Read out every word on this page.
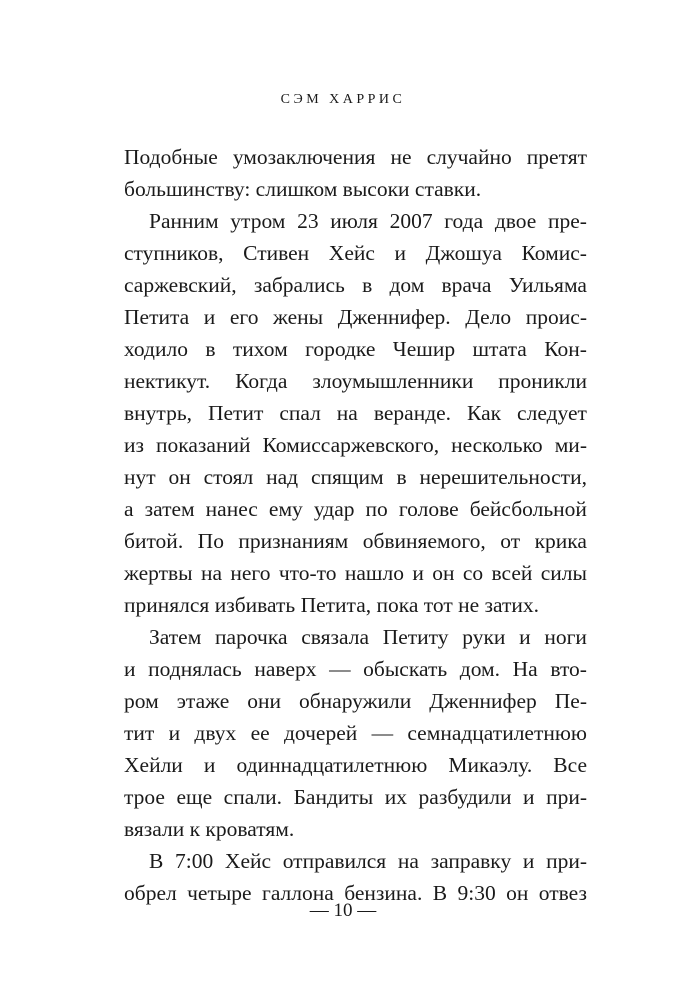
СЭМ ХАРРИС
Подобные умозаключения не случайно претят
большинству: слишком высоки ставки.
Ранним утром 23 июля 2007 года двое пре-
ступников, Стивен Хейс и Джошуа Комис-
саржевский, забрались в дом врача Уильяма
Петита и его жены Дженнифер. Дело проис-
ходило в тихом городке Чешир штата Кон-
нектикут. Когда злоумышленники проникли
внутрь, Петит спал на веранде. Как следует
из показаний Комиссаржевского, несколько ми-
нут он стоял над спящим в нерешительности,
а затем нанес ему удар по голове бейсбольной
битой. По признаниям обвиняемого, от крика
жертвы на него что-то нашло и он со всей силы
принялся избивать Петита, пока тот не затих.
Затем парочка связала Петиту руки и ноги
и поднялась наверх — обыскать дом. На вто-
ром этаже они обнаружили Дженнифер Пе-
тит и двух ее дочерей — семнадцатилетнюю
Хейли и одиннадцатилетнюю Микаэлу. Все
трое еще спали. Бандиты их разбудили и при-
вязали к кроватям.
В 7:00 Хейс отправился на заправку и при-
обрел четыре галлона бензина. В 9:30 он отвез
— 10 —
